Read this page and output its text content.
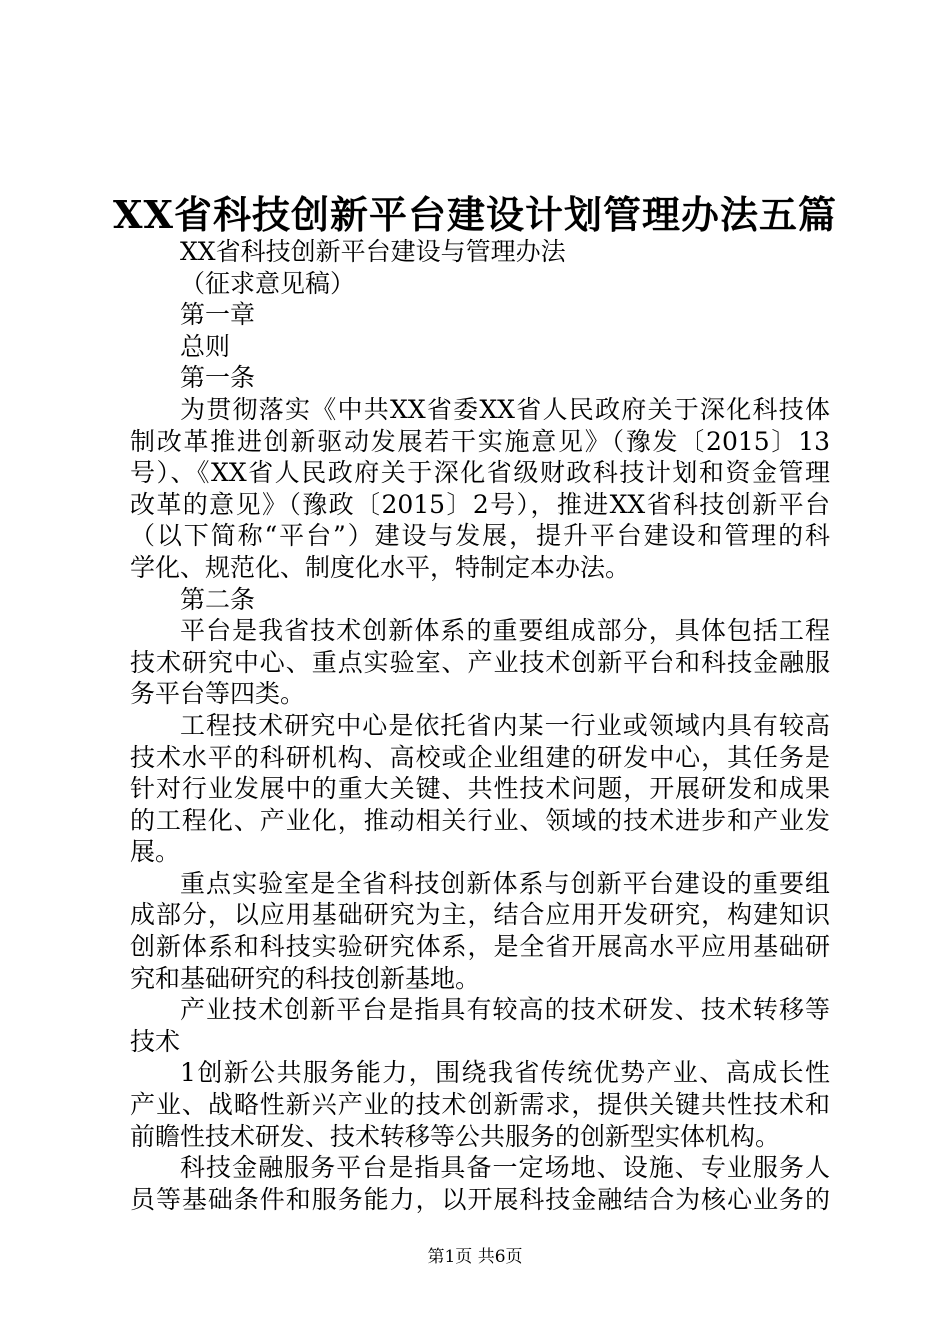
XX省科技创新平台建设计划管理办法五篇
XX省科技创新平台建设与管理办法
（征求意见稿）
第一章
总则
第一条
为贯彻落实《中共XX省委XX省人民政府关于深化科技体
制改革推进创新驱动发展若干实施意见》（豫发〔2015〕13
号）、《XX省人民政府关于深化省级财政科技计划和资金管理
改革的意见》（豫政〔2015〕2号），推进XX省科技创新平台
（以下简称“平台”）建设与发展，提升平台建设和管理的科
学化、规范化、制度化水平，特制定本办法。
第二条
平台是我省技术创新体系的重要组成部分，具体包括工程
技术研究中心、重点实验室、产业技术创新平台和科技金融服
务平台等四类。
工程技术研究中心是依托省内某一行业或领域内具有较高
技术水平的科研机构、高校或企业组建的研发中心，其任务是
针对行业发展中的重大关键、共性技术问题，开展研发和成果
的工程化、产业化，推动相关行业、领域的技术进步和产业发
展。
重点实验室是全省科技创新体系与创新平台建设的重要组
成部分，以应用基础研究为主，结合应用开发研究，构建知识
创新体系和科技实验研究体系，是全省开展高水平应用基础研
究和基础研究的科技创新基地。
产业技术创新平台是指具有较高的技术研发、技术转移等
技术
1创新公共服务能力，围绕我省传统优势产业、高成长性
产业、战略性新兴产业的技术创新需求，提供关键共性技术和
前瞻性技术研发、技术转移等公共服务的创新型实体机构。
科技金融服务平台是指具备一定场地、设施、专业服务人
员等基础条件和服务能力，以开展科技金融结合为核心业务的
第1页 共6页
